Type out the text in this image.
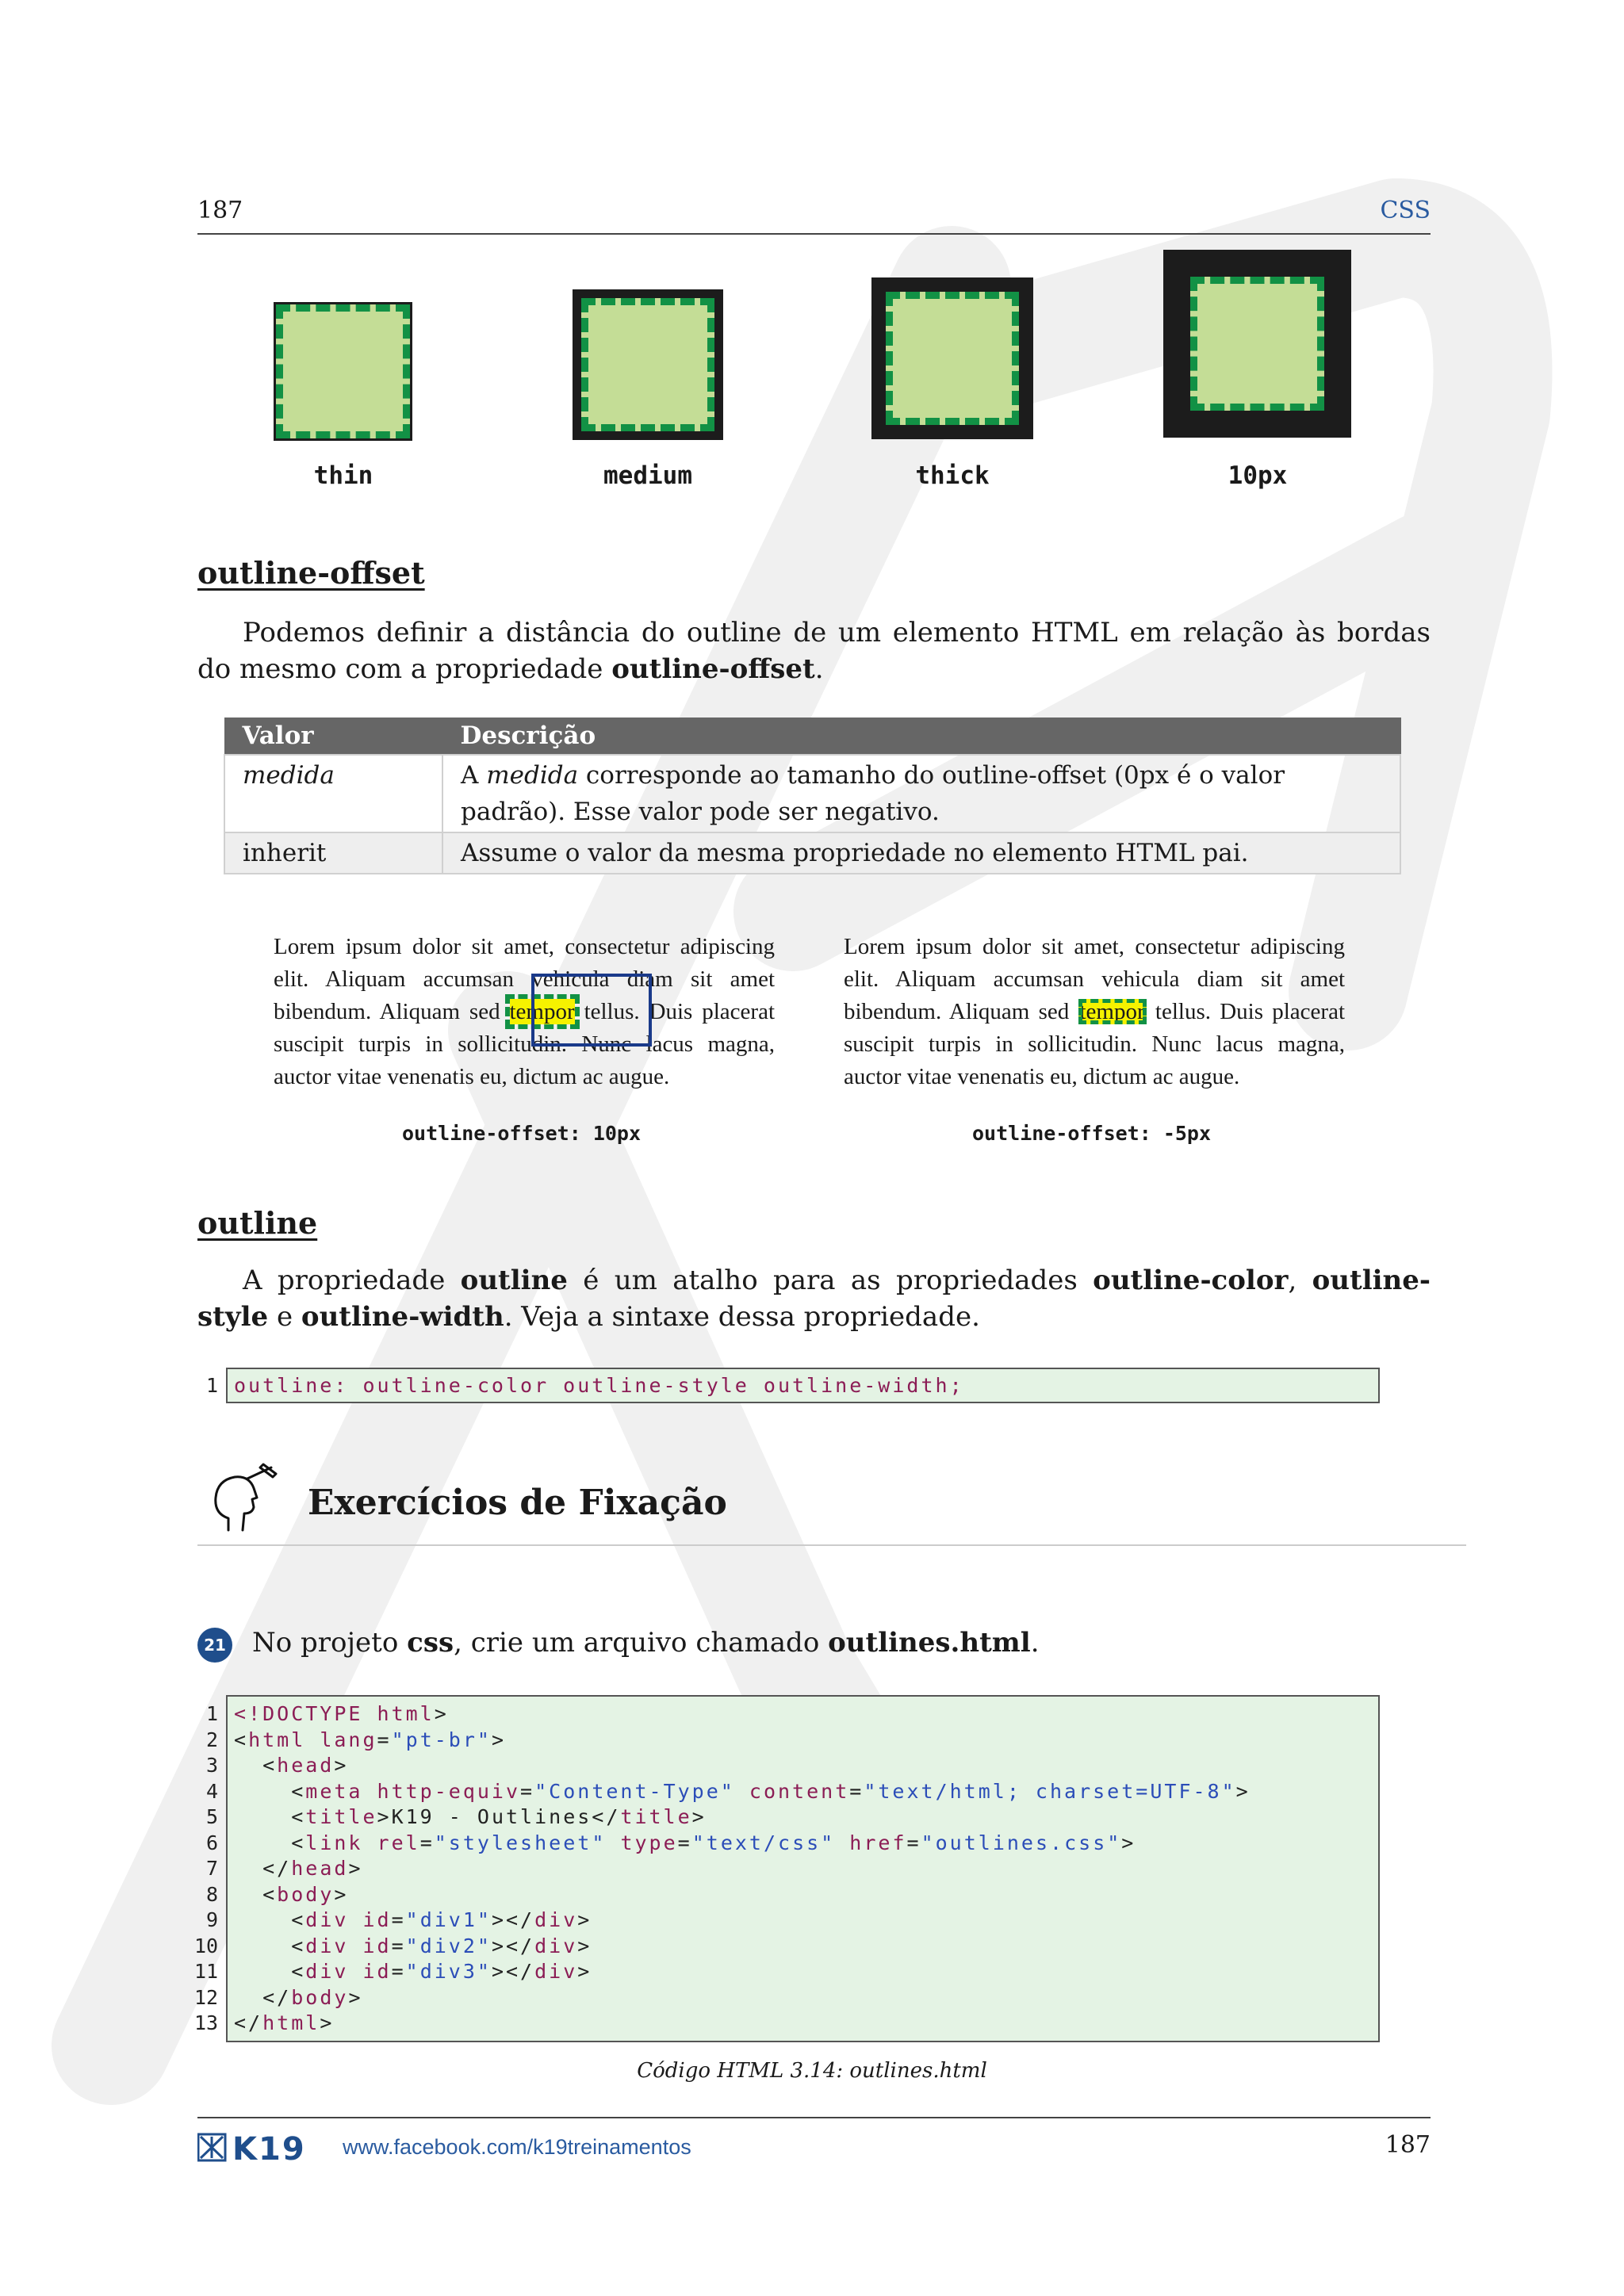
187	CSS
thin	medium	thick	10px
outline-offset

Podemos definir a distância do outline de um elemento HTML em relação às bordas do mesmo com a propriedade outline-offset.

Valor	Descrição
medida	A medida corresponde ao tamanho do outline-offset (0px é o valor padrão). Esse valor pode ser negativo.
inherit	Assume o valor da mesma propriedade no elemento HTML pai.
Lorem ipsum dolor sit amet, consectetur adipiscing elit. Aliquam accumsan vehicula diam sit amet bibendum. Aliquam sed tempor tellus. Duis placerat suscipit turpis in sollicitudin. Nunc lacus magna, auctor vitae venenatis eu, dictum ac augue.
Lorem ipsum dolor sit amet, consectetur adipiscing elit. Aliquam accumsan vehicula diam sit amet bibendum. Aliquam sed tempor tellus. Duis placerat suscipit turpis in sollicitudin. Nunc lacus magna, auctor vitae venenatis eu, dictum ac augue.
outline-offset: 10px	outline-offset: -5px
outline

A propriedade outline é um atalho para as propriedades outline-color, outline-style e outline-width. Veja a sintaxe dessa propriedade.

1 outline: outline-color outline-style outline-width;
Exercícios de Fixação
21 No projeto css, crie um arquivo chamado outlines.html.
1 <!DOCTYPE html>
2 <html lang="pt-br">
3 <head>
4 <meta http-equiv="Content-Type" content="text/html; charset=UTF-8">
5 <title>K19 - Outlines</title>
6 <link rel="stylesheet" type="text/css" href="outlines.css">
7 </head>
8 <body>
9 <div id="div1"></div>
10 <div id="div2"></div>
11 <div id="div3"></div>
12 </body>
13 </html>
Código HTML 3.14: outlines.html
K19 www.facebook.com/k19treinamentos	187
